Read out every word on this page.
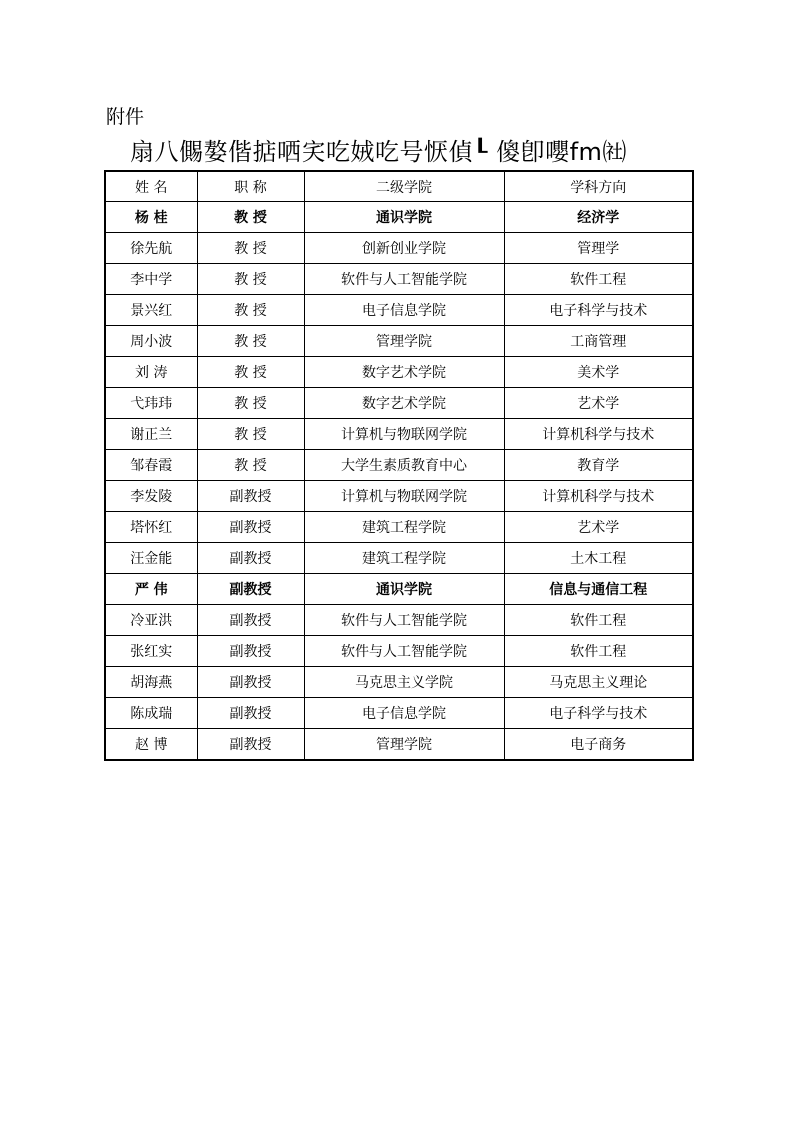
附件
扇八儩嫯偕掂哂宎吃娀吃号恹偵┖ 傻卽嚶fm㈳
姓 名	职 称	二级学院	学科方向
杨 桂	教 授	通识学院	经济学
徐先航	教 授	创新创业学院	管理学
李中学	教 授	软件与人工智能学院	软件工程
景兴红	教 授	电子信息学院	电子科学与技术
周小波	教 授	管理学院	工商管理
刘 涛	教 授	数字艺术学院	美术学
弋玮玮	教 授	数字艺术学院	艺术学
谢正兰	教 授	计算机与物联网学院	计算机科学与技术
邹春霞	教 授	大学生素质教育中心	教育学
李发陵	副教授	计算机与物联网学院	计算机科学与技术
塔怀红	副教授	建筑工程学院	艺术学
汪金能	副教授	建筑工程学院	土木工程
严 伟	副教授	通识学院	信息与通信工程
冷亚洪	副教授	软件与人工智能学院	软件工程
张红实	副教授	软件与人工智能学院	软件工程
胡海燕	副教授	马克思主义学院	马克思主义理论
陈成瑞	副教授	电子信息学院	电子科学与技术
赵 博	副教授	管理学院	电子商务
